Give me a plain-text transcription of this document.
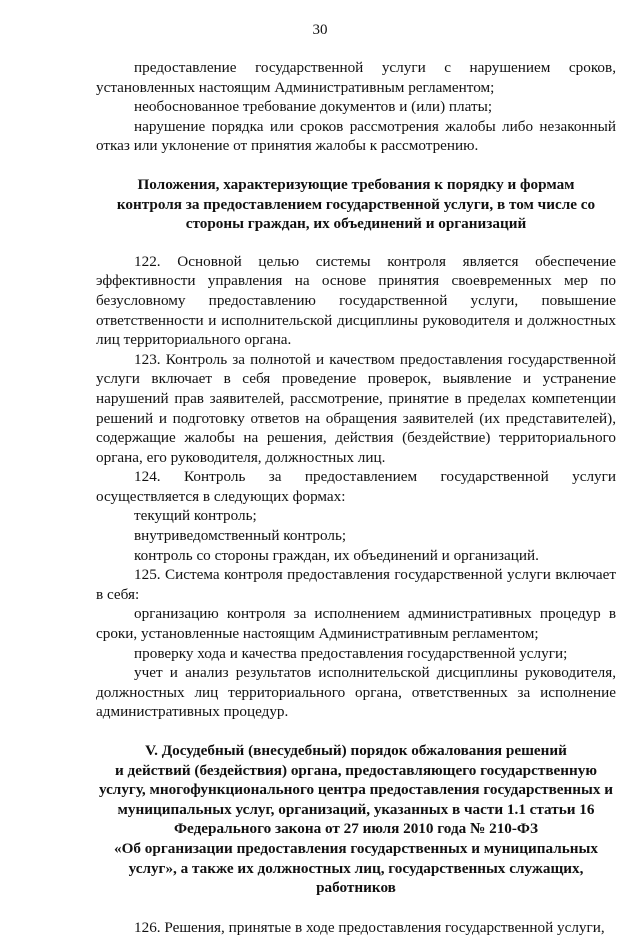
30

предоставление государственной услуги с нарушением сроков, установленных настоящим Административным регламентом;

необоснованное требование документов и (или) платы;

нарушение порядка или сроков рассмотрения жалобы либо незаконный отказ или уклонение от принятия жалобы к рассмотрению.

Положения, характеризующие требования к порядку и формам

контроля за предоставлением государственной услуги, в том числе со

стороны граждан, их объединений и организаций

122. Основной целью системы контроля является обеспечение эффективности управления на основе принятия своевременных мер по безусловному предоставлению государственной услуги, повышение ответственности и исполнительской дисциплины руководителя и должностных лиц территориального органа.

123. Контроль за полнотой и качеством предоставления государственной услуги включает в себя проведение проверок, выявление и устранение нарушений прав заявителей, рассмотрение, принятие в пределах компетенции решений и подготовку ответов на обращения заявителей (их представителей), содержащие жалобы на решения, действия (бездействие) территориального органа, его руководителя, должностных лиц.

124. Контроль за предоставлением государственной услуги осуществляется в следующих формах:

текущий контроль;

внутриведомственный контроль;

контроль со стороны граждан, их объединений и организаций.

125. Система контроля предоставления государственной услуги включает в себя:

организацию контроля за исполнением административных процедур в сроки, установленные настоящим Административным регламентом;

проверку хода и качества предоставления государственной услуги;

учет и анализ результатов исполнительской дисциплины руководителя, должностных лиц территориального органа, ответственных за исполнение административных процедур.

V. Досудебный (внесудебный) порядок обжалования решений

и действий (бездействия) органа, предоставляющего государственную

услугу, многофункционального центра предоставления государственных и

муниципальных услуг, организаций, указанных в части 1.1 статьи 16

Федерального закона от 27 июля 2010 года № 210-ФЗ

«Об организации предоставления государственных и муниципальных

услуг», а также их должностных лиц, государственных служащих,

работников

126. Решения, принятые в ходе предоставления государственной услуги,
